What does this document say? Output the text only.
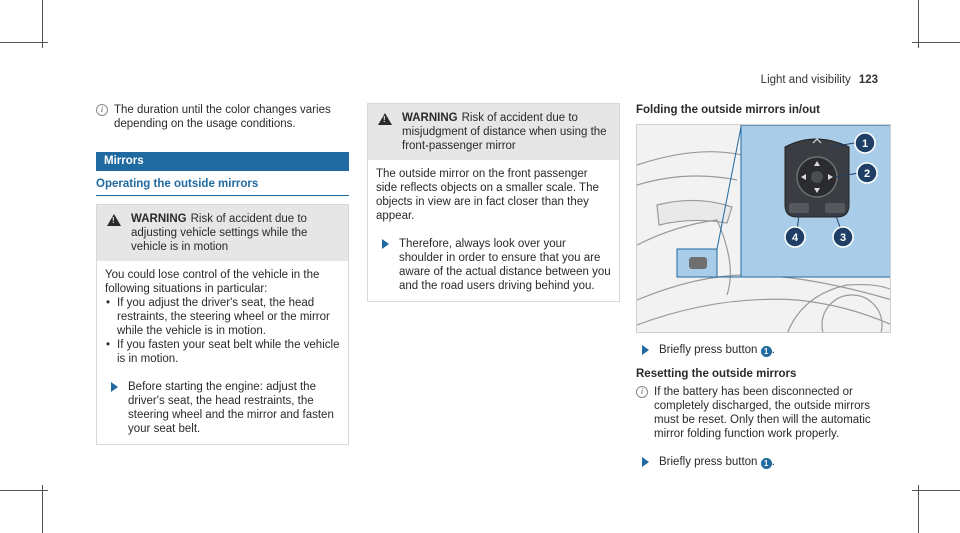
Light and visibility 123
i The duration until the color changes varies depending on the usage conditions.
Mirrors
Operating the outside mirrors
!
WARNING Risk of accident due to adjusting vehicle settings while the vehicle is in motion
You could lose control of the vehicle in the following situations in particular:
• If you adjust the driver's seat, the head restraints, the steering wheel or the mirror while the vehicle is in motion.
• If you fasten your seat belt while the vehicle is in motion.
Before starting the engine: adjust the driver's seat, the head restraints, the steering wheel and the mirror and fasten your seat belt.
!
WARNING Risk of accident due to misjudgment of distance when using the front-passenger mirror
The outside mirror on the front passenger side reflects objects on a smaller scale. The objects in view are in fact closer than they appear.
Therefore, always look over your shoulder in order to ensure that you are aware of the actual distance between you and the road users driving behind you.
Folding the outside mirrors in/out
1
2
3
4
Briefly press button 1 .
Resetting the outside mirrors
i If the battery has been disconnected or completely discharged, the outside mirrors must be reset. Only then will the automatic mirror folding function work properly.
Briefly press button 1 .
